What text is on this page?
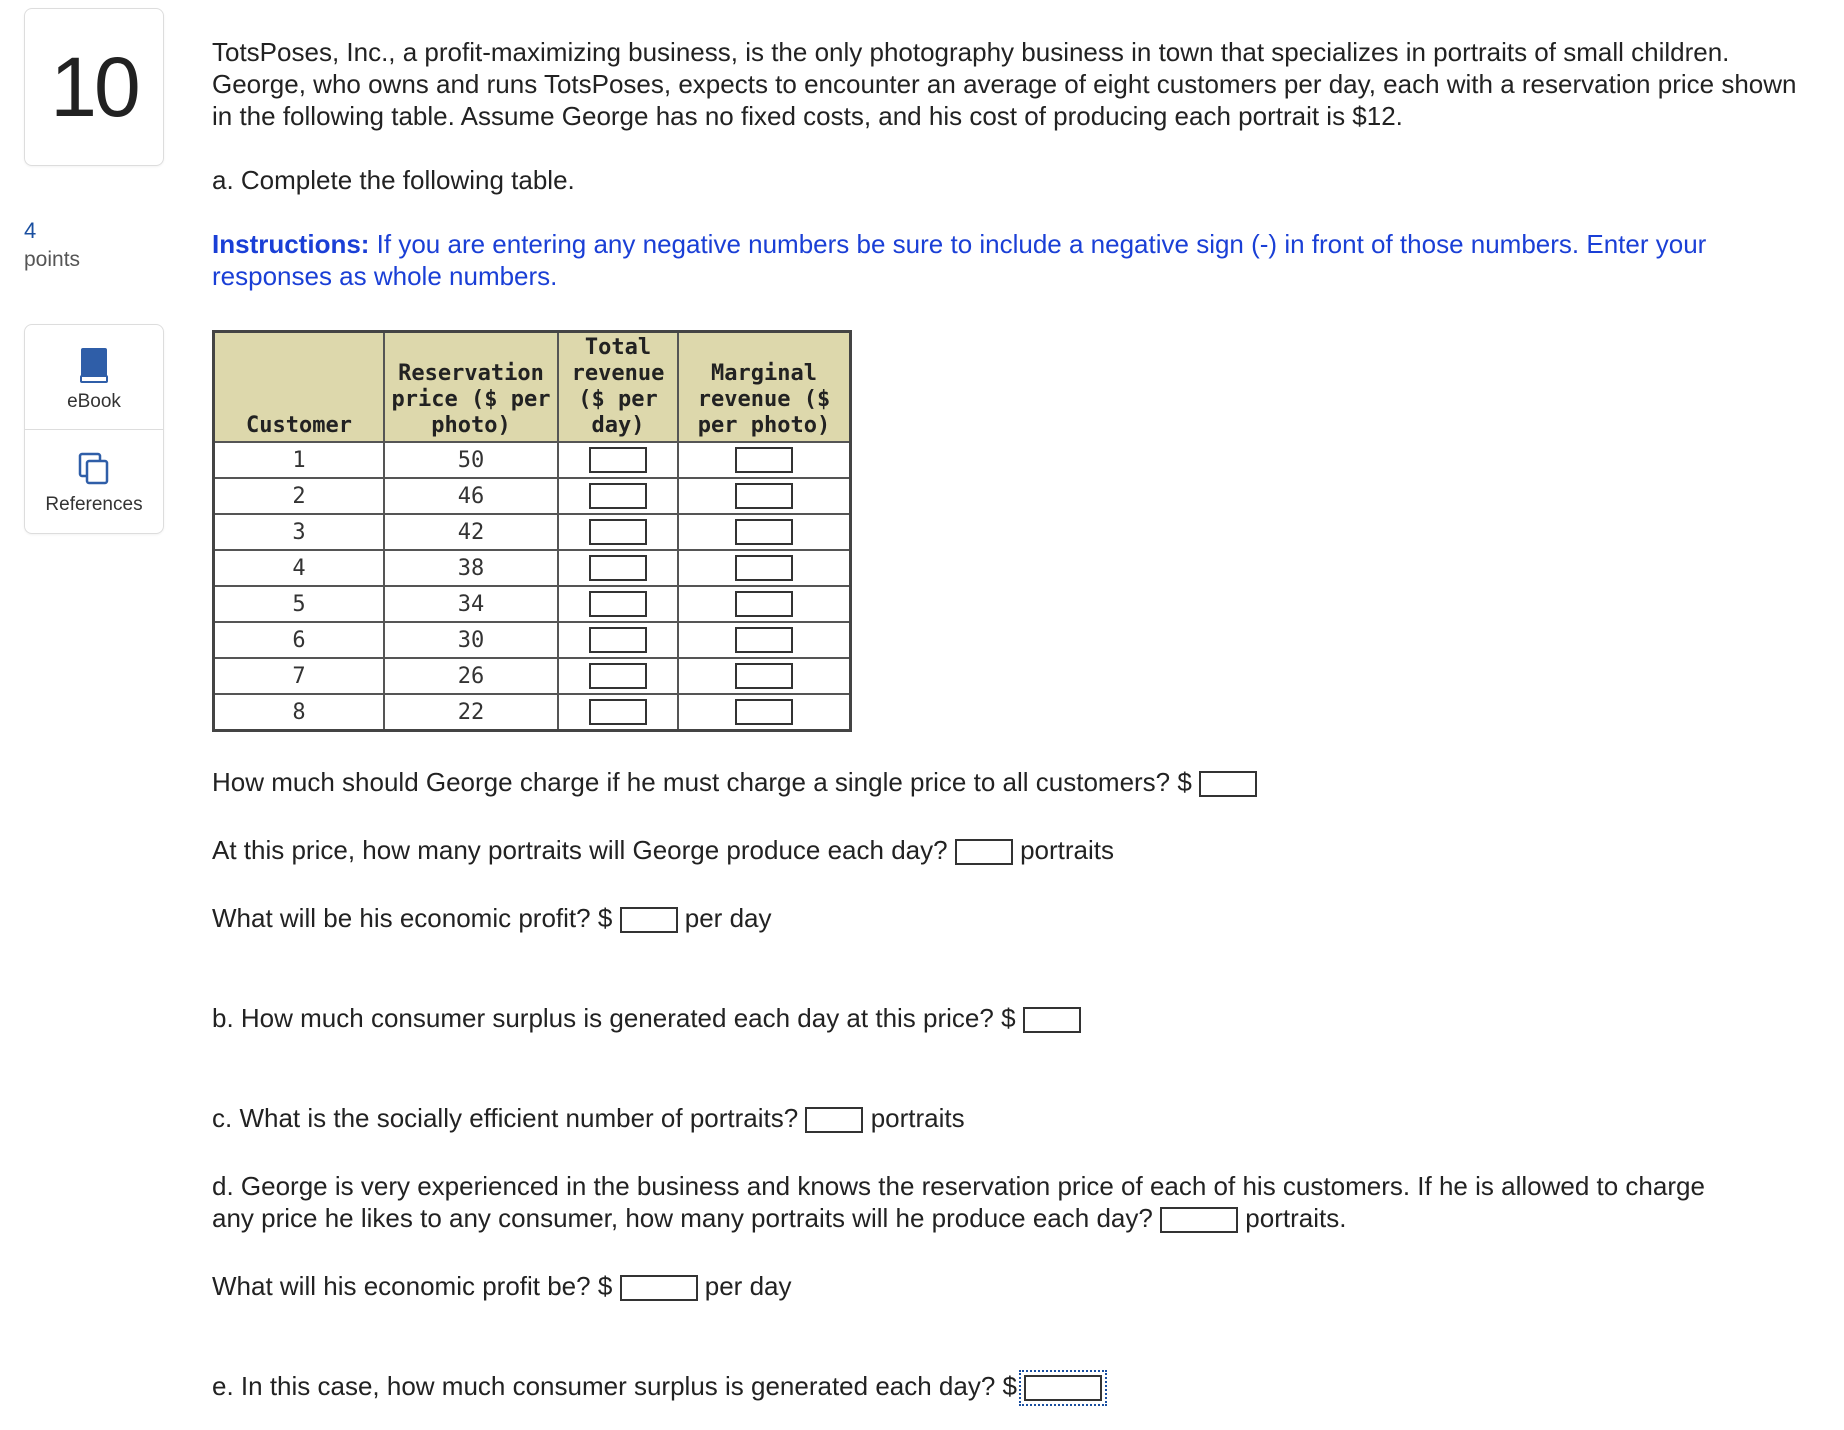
10
4
points
eBook
References

TotsPoses, Inc., a profit-maximizing business, is the only photography business in town that specializes in portraits of small children. George, who owns and runs TotsPoses, expects to encounter an average of eight customers per day, each with a reservation price shown in the following table. Assume George has no fixed costs, and his cost of producing each portrait is $12.

a. Complete the following table.

Instructions: If you are entering any negative numbers be sure to include a negative sign (-) in front of those numbers. Enter your responses as whole numbers.

Customer	Reservation price ($ per photo)	Total revenue ($ per day)	Marginal revenue ($ per photo)
1	50		
2	46		
3	42		
4	38		
5	34		
6	30		
7	26		
8	22		
How much should George charge if he must charge a single price to all customers? $
At this price, how many portraits will George produce each day?	portraits
What will be his economic profit? $	per day
b. How much consumer surplus is generated each day at this price? $
c. What is the socially efficient number of portraits?	portraits
d. George is very experienced in the business and knows the reservation price of each of his customers. If he is allowed to charge
any price he likes to any consumer, how many portraits will he produce each day?	portraits.
What will his economic profit be? $	per day
e. In this case, how much consumer surplus is generated each day? $
